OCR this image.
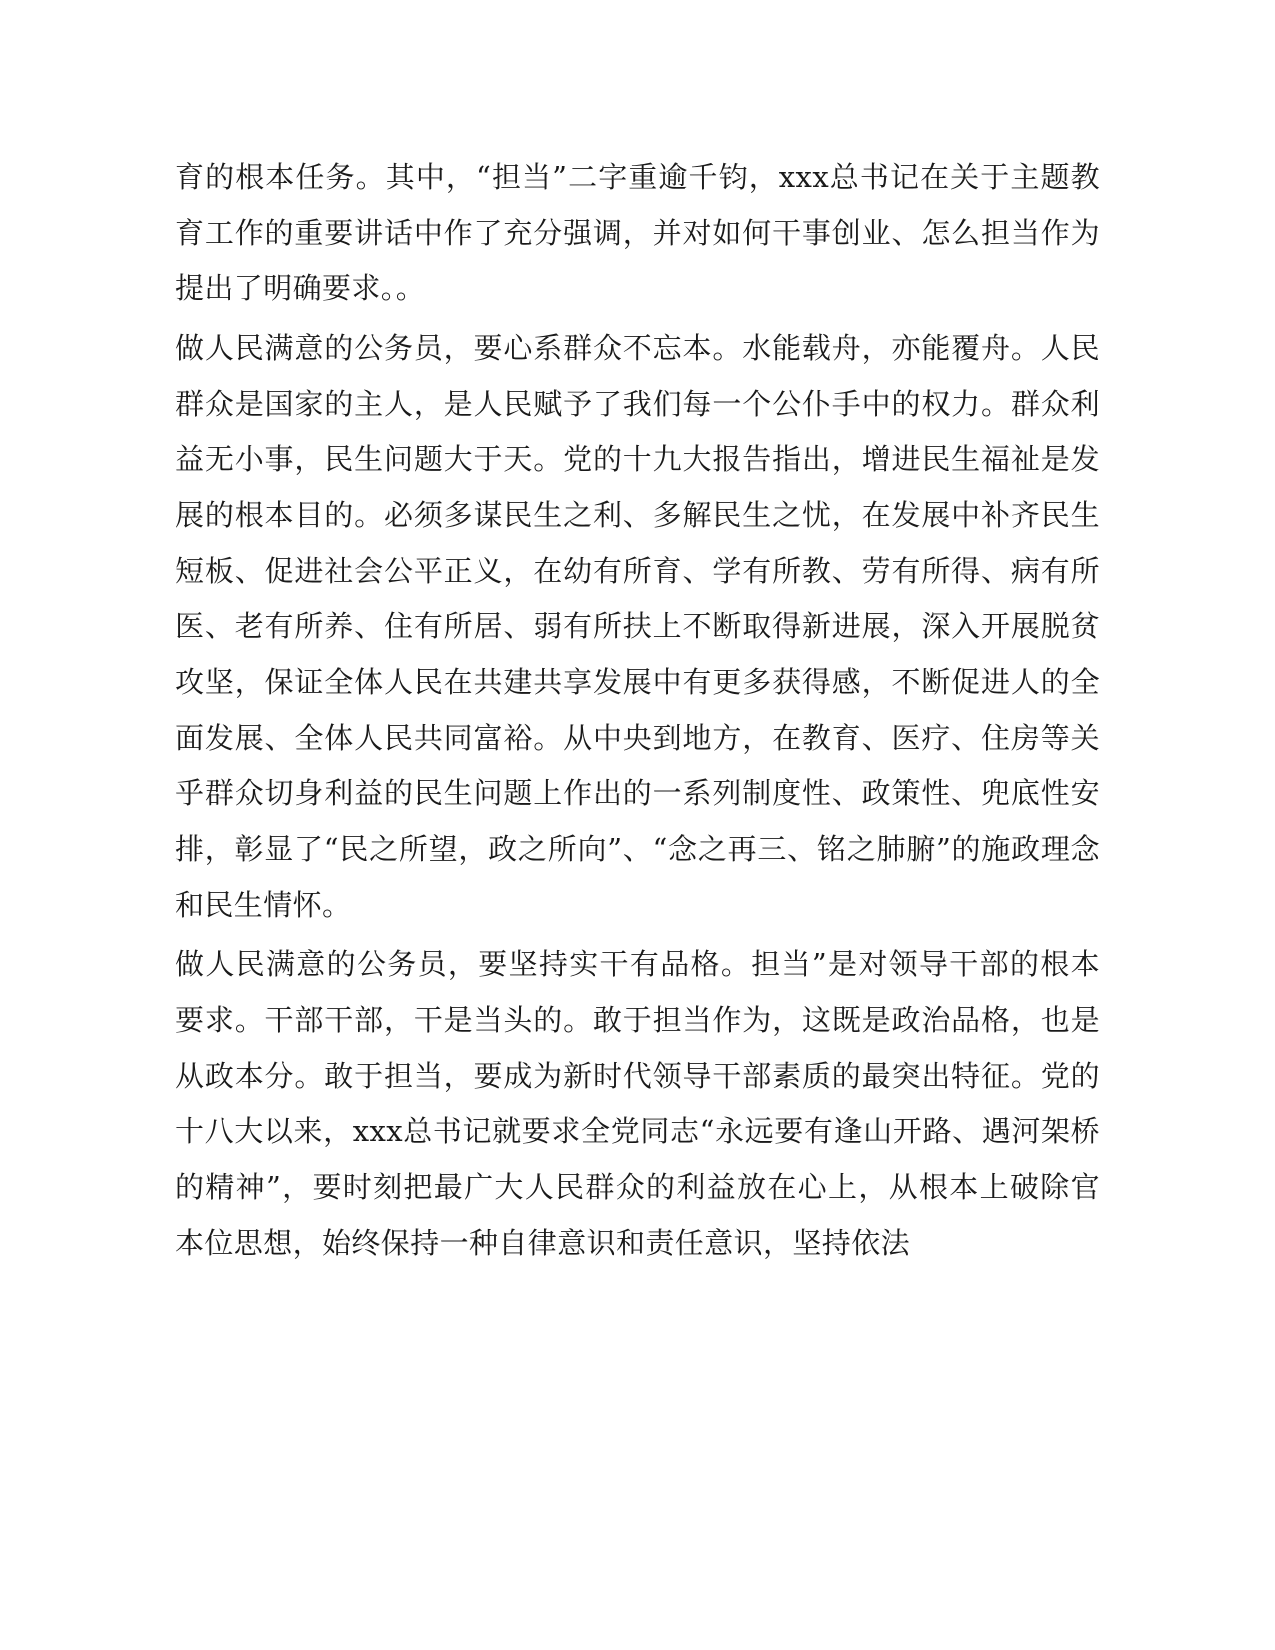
育的根本任务。其中，“担当”二字重逾千钧，xxx总书记在关于主题教育工作的重要讲话中作了充分强调，并对如何干事创业、怎么担当作为提出了明确要求。。

做人民满意的公务员，要心系群众不忘本。水能载舟，亦能覆舟。人民群众是国家的主人，是人民赋予了我们每一个公仆手中的权力。群众利益无小事，民生问题大于天。党的十九大报告指出，增进民生福祉是发展的根本目的。必须多谋民生之利、多解民生之忧，在发展中补齐民生短板、促进社会公平正义，在幼有所育、学有所教、劳有所得、病有所医、老有所养、住有所居、弱有所扶上不断取得新进展，深入开展脱贫攻坚，保证全体人民在共建共享发展中有更多获得感，不断促进人的全面发展、全体人民共同富裕。从中央到地方，在教育、医疗、住房等关乎群众切身利益的民生问题上作出的一系列制度性、政策性、兜底性安排，彰显了“民之所望，政之所向”、“念之再三、铭之肺腑”的施政理念和民生情怀。

做人民满意的公务员，要坚持实干有品格。担当”是对领导干部的根本要求。干部干部，干是当头的。敢于担当作为，这既是政治品格，也是从政本分。敢于担当，要成为新时代领导干部素质的最突出特征。党的十八大以来，xxx总书记就要求全党同志“永远要有逢山开路、遇河架桥的精神”，要时刻把最广大人民群众的利益放在心上，从根本上破除官本位思想，始终保持一种自律意识和责任意识，坚持依法
